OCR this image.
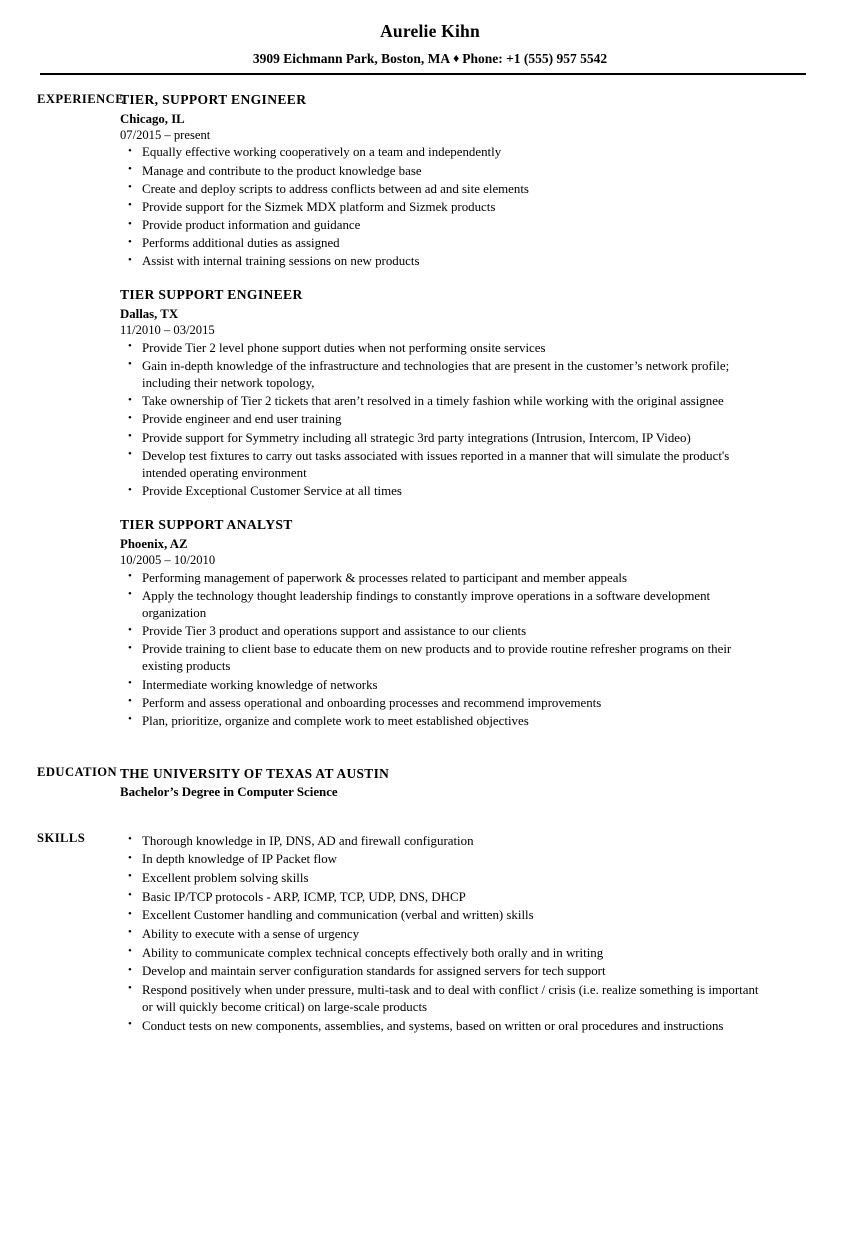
Aurelie Kihn
3909 Eichmann Park, Boston, MA ♦ Phone: +1 (555) 957 5542
EXPERIENCE
TIER, SUPPORT ENGINEER
Chicago, IL
07/2015 – present
• Equally effective working cooperatively on a team and independently
• Manage and contribute to the product knowledge base
• Create and deploy scripts to address conflicts between ad and site elements
• Provide support for the Sizmek MDX platform and Sizmek products
• Provide product information and guidance
• Performs additional duties as assigned
• Assist with internal training sessions on new products
TIER SUPPORT ENGINEER
Dallas, TX
11/2010 – 03/2015
• Provide Tier 2 level phone support duties when not performing onsite services
• Gain in-depth knowledge of the infrastructure and technologies that are present in the customer’s network profile; including their network topology,
• Take ownership of Tier 2 tickets that aren’t resolved in a timely fashion while working with the original assignee
• Provide engineer and end user training
• Provide support for Symmetry including all strategic 3rd party integrations (Intrusion, Intercom, IP Video)
• Develop test fixtures to carry out tasks associated with issues reported in a manner that will simulate the product's intended operating environment
• Provide Exceptional Customer Service at all times
TIER SUPPORT ANALYST
Phoenix, AZ
10/2005 – 10/2010
• Performing management of paperwork & processes related to participant and member appeals
• Apply the technology thought leadership findings to constantly improve operations in a software development organization
• Provide Tier 3 product and operations support and assistance to our clients
• Provide training to client base to educate them on new products and to provide routine refresher programs on their existing products
• Intermediate working knowledge of networks
• Perform and assess operational and onboarding processes and recommend improvements
• Plan, prioritize, organize and complete work to meet established objectives
EDUCATION THE UNIVERSITY OF TEXAS AT AUSTIN
Bachelor’s Degree in Computer Science
SKILLS	• Thorough knowledge in IP, DNS, AD and firewall configuration
• In depth knowledge of IP Packet flow
• Excellent problem solving skills
• Basic IP/TCP protocols - ARP, ICMP, TCP, UDP, DNS, DHCP
• Excellent Customer handling and communication (verbal and written) skills
• Ability to execute with a sense of urgency
• Ability to communicate complex technical concepts effectively both orally and in writing
• Develop and maintain server configuration standards for assigned servers for tech support
• Respond positively when under pressure, multi-task and to deal with conflict / crisis (i.e. realize something is important or will quickly become critical) on large-scale products
• Conduct tests on new components, assemblies, and systems, based on written or oral procedures and instructions
